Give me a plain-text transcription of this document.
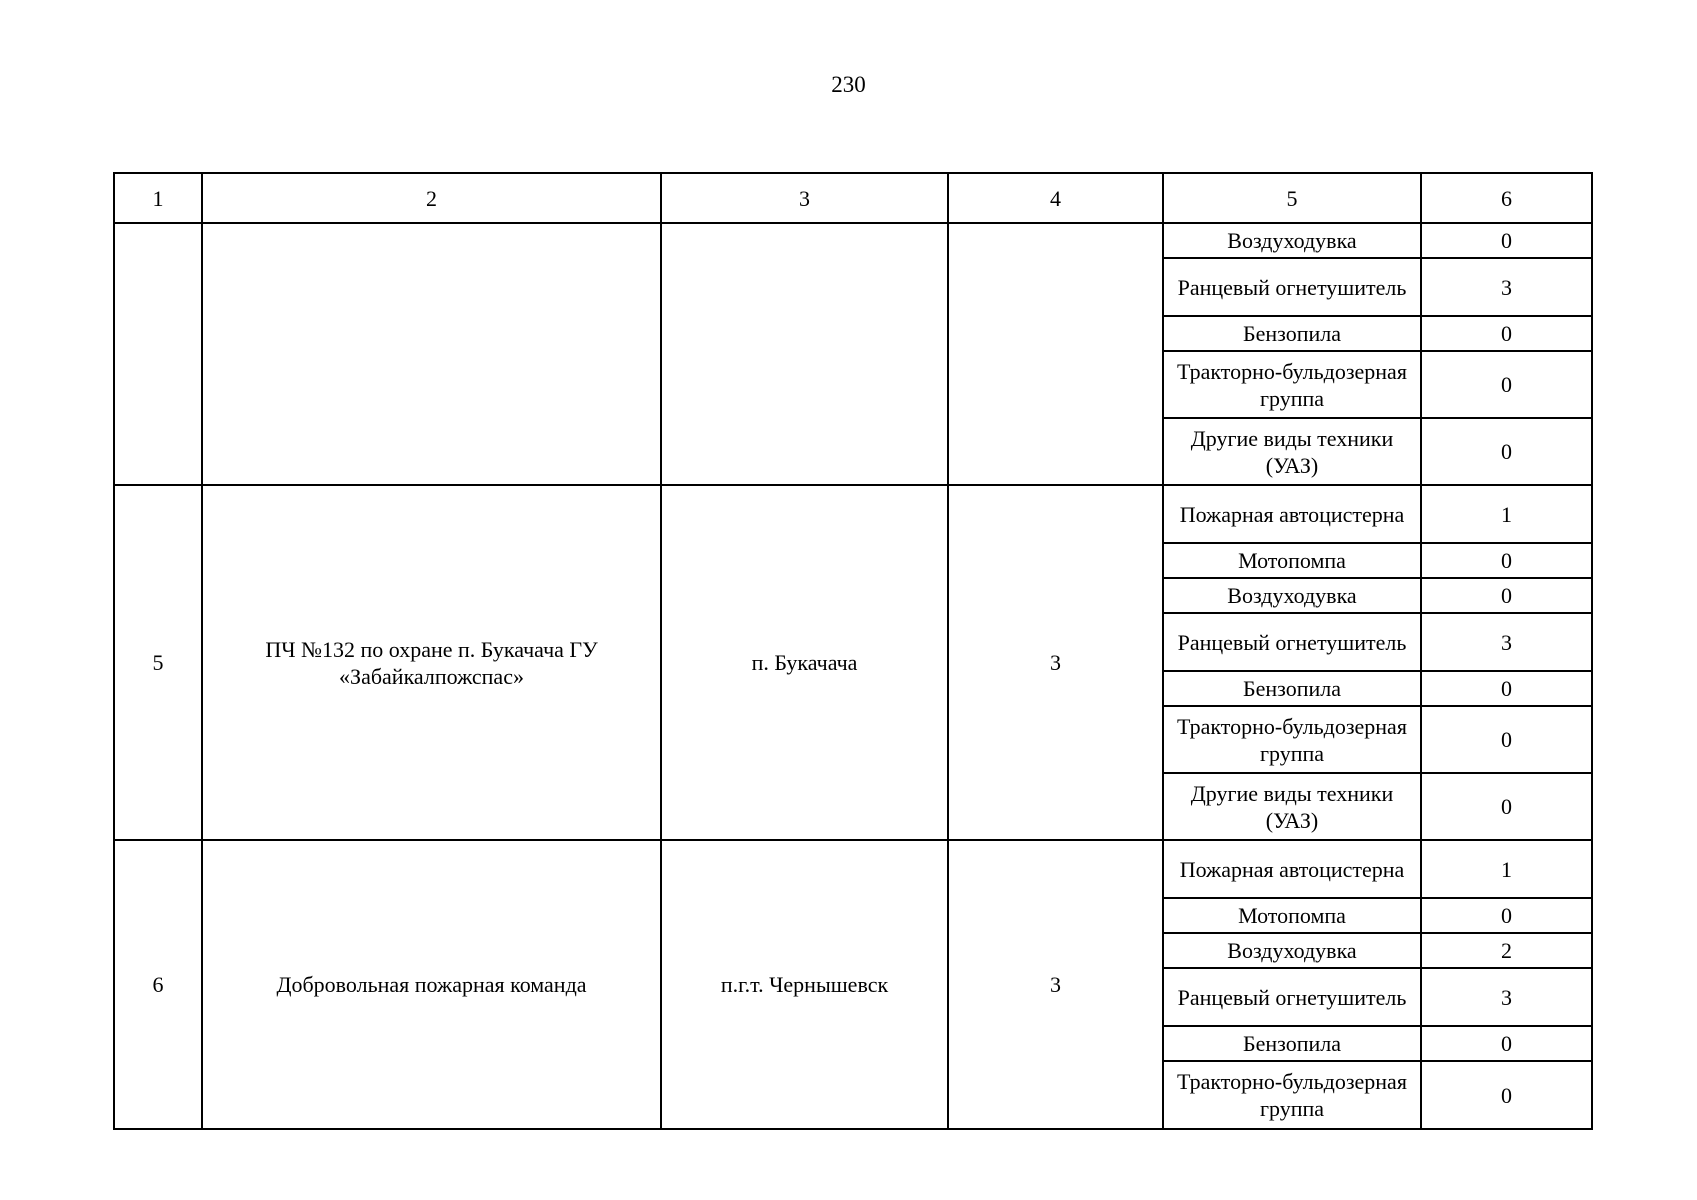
230
1	2	3	4	5	6
				Воздуходувка	0
				Ранцевый огнетушитель	3
				Бензопила	0
				Тракторно-бульдозерная группа	0
				Другие виды техники (УАЗ)	0
5	ПЧ №132 по охране п. Букачача ГУ «Забайкалпожспас»	п. Букачача	3	Пожарная автоцистерна	1
				Мотопомпа	0
				Воздуходувка	0
				Ранцевый огнетушитель	3
				Бензопила	0
				Тракторно-бульдозерная группа	0
				Другие виды техники (УАЗ)	0
6	Добровольная пожарная команда	п.г.т. Чернышевск	3	Пожарная автоцистерна	1
				Мотопомпа	0
				Воздуходувка	2
				Ранцевый огнетушитель	3
				Бензопила	0
				Тракторно-бульдозерная группа	0
